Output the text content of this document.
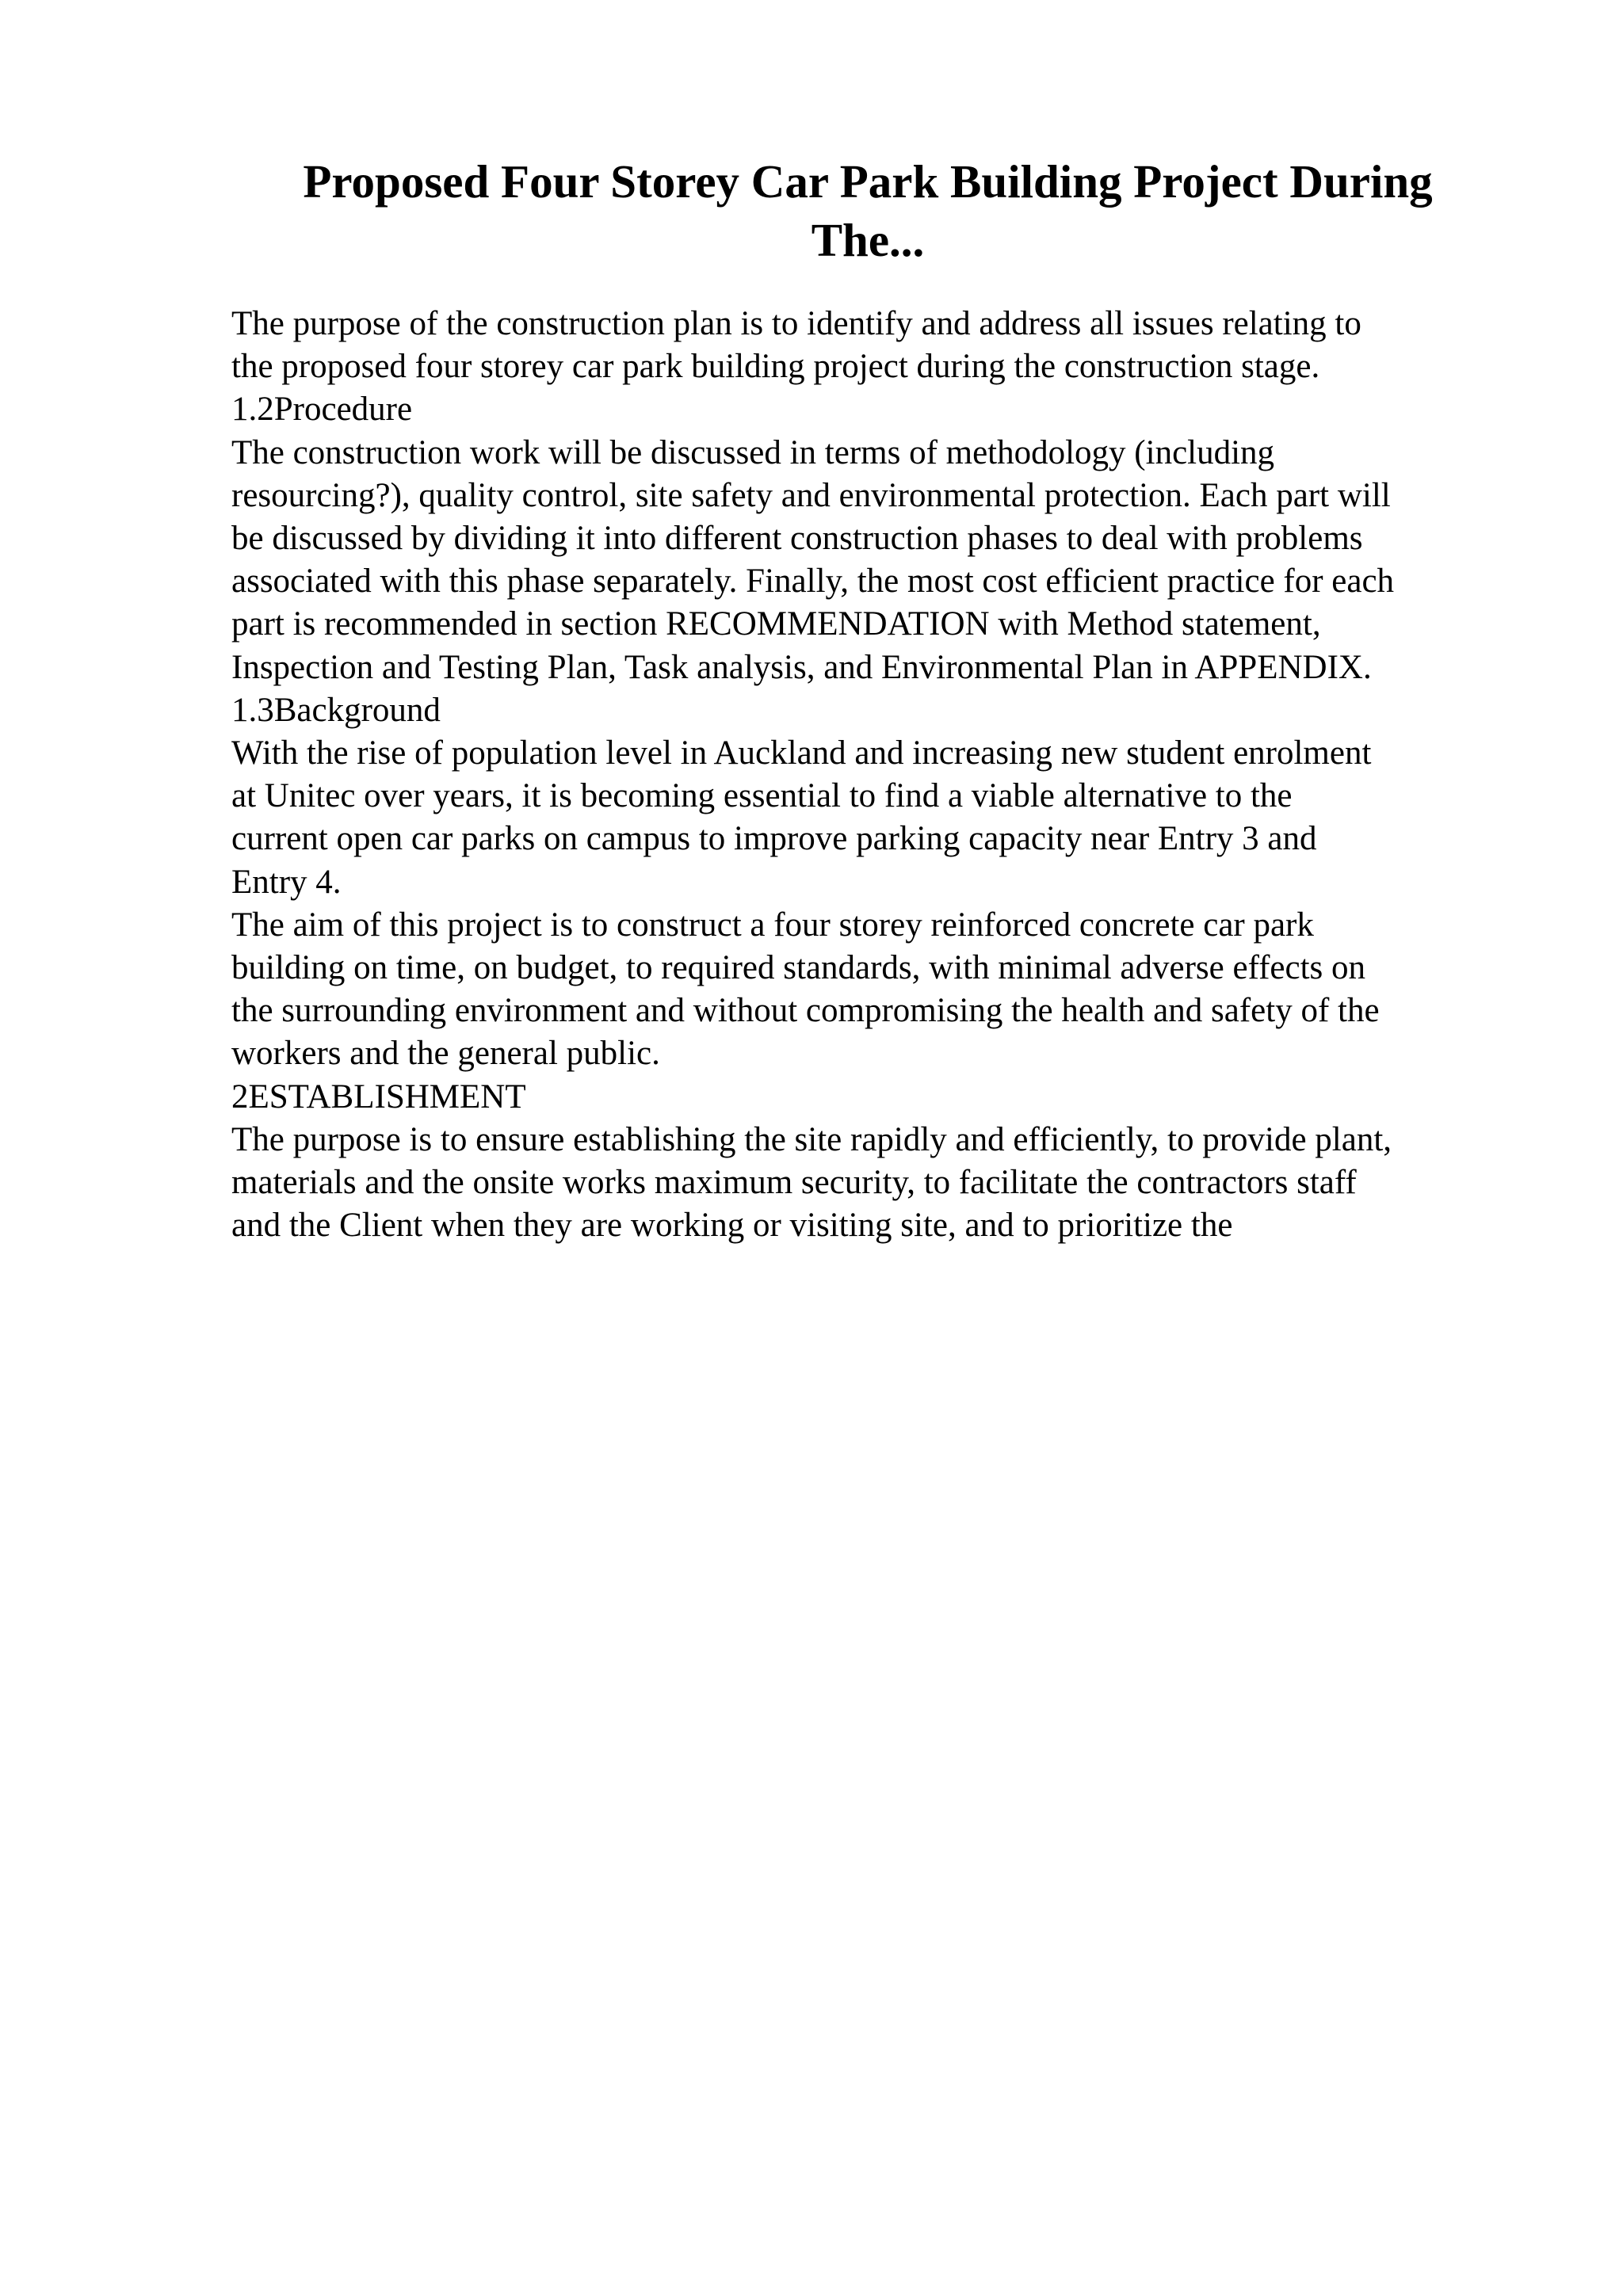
Proposed Four Storey Car Park Building Project During
The...
The purpose of the construction plan is to identify and address all issues relating to
the proposed four storey car park building project during the construction stage.
1.2Procedure
The construction work will be discussed in terms of methodology (including
resourcing?), quality control, site safety and environmental protection. Each part will
be discussed by dividing it into different construction phases to deal with problems
associated with this phase separately. Finally, the most cost efficient practice for each
part is recommended in section RECOMMENDATION with Method statement,
Inspection and Testing Plan, Task analysis, and Environmental Plan in APPENDIX.
1.3Background
With the rise of population level in Auckland and increasing new student enrolment
at Unitec over years, it is becoming essential to find a viable alternative to the
current open car parks on campus to improve parking capacity near Entry 3 and
Entry 4.
The aim of this project is to construct a four storey reinforced concrete car park
building on time, on budget, to required standards, with minimal adverse effects on
the surrounding environment and without compromising the health and safety of the
workers and the general public.
2ESTABLISHMENT
The purpose is to ensure establishing the site rapidly and efficiently, to provide plant,
materials and the onsite works maximum security, to facilitate the contractors staff
and the Client when they are working or visiting site, and to prioritize the
